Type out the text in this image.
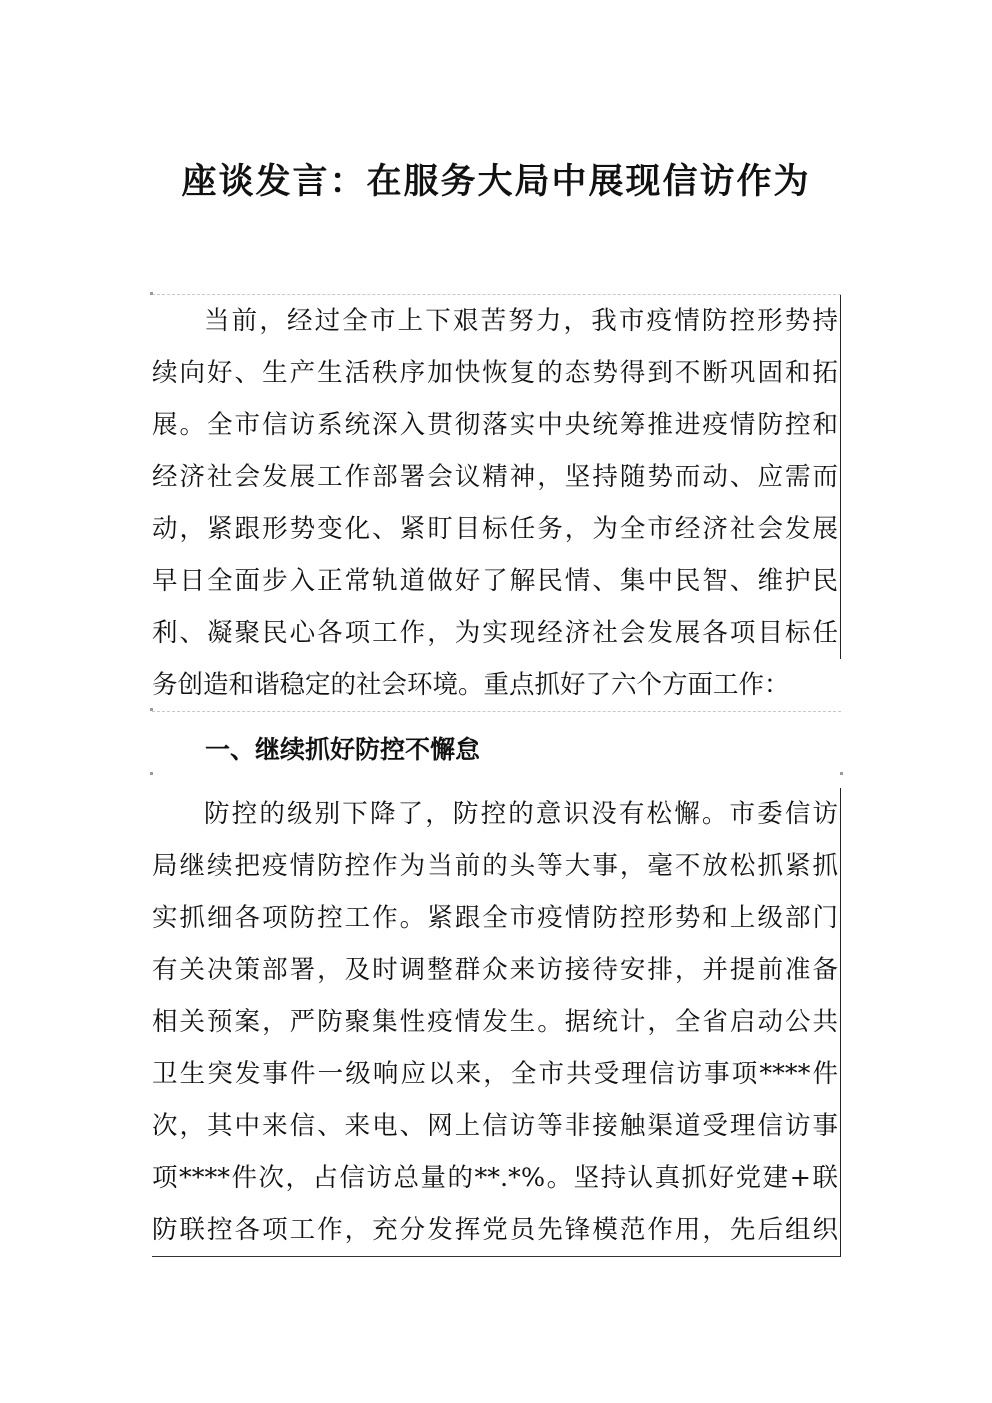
座谈发言：在服务大局中展现信访作为
当前，经过全市上下艰苦努力，我市疫情防控形势持
续向好、生产生活秩序加快恢复的态势得到不断巩固和拓
展。全市信访系统深入贯彻落实中央统筹推进疫情防控和
经济社会发展工作部署会议精神，坚持随势而动、应需而
动，紧跟形势变化、紧盯目标任务，为全市经济社会发展
早日全面步入正常轨道做好了解民情、集中民智、维护民
利、凝聚民心各项工作，为实现经济社会发展各项目标任
务创造和谐稳定的社会环境。重点抓好了六个方面工作：
一、继续抓好防控不懈怠
防控的级别下降了，防控的意识没有松懈。市委信访
局继续把疫情防控作为当前的头等大事，毫不放松抓紧抓
实抓细各项防控工作。紧跟全市疫情防控形势和上级部门
有关决策部署，及时调整群众来访接待安排，并提前准备
相关预案，严防聚集性疫情发生。据统计，全省启动公共
卫生突发事件一级响应以来，全市共受理信访事项****件
次，其中来信、来电、网上信访等非接触渠道受理信访事
项****件次，占信访总量的**.*%。坚持认真抓好党建+联
防联控各项工作，充分发挥党员先锋模范作用，先后组织
